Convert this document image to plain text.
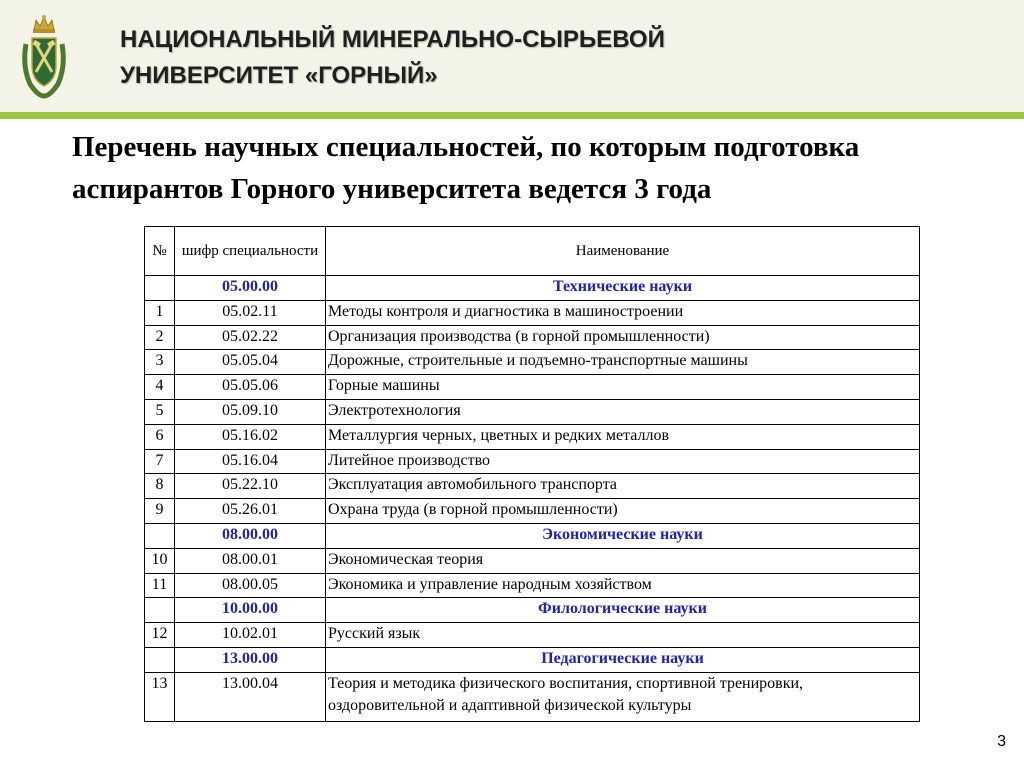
НАЦИОНАЛЬНЫЙ МИНЕРАЛЬНО-СЫРЬЕВОЙ
УНИВЕРСИТЕТ «ГОРНЫЙ»
Перечень научных специальностей, по которым подготовка аспирантов Горного университета ведется 3 года
№	шифр специальности	Наименование
	05.00.00	Технические науки
1	05.02.11	Методы контроля и диагностика в машиностроении
2	05.02.22	Организация производства (в горной промышленности)
3	05.05.04	Дорожные, строительные и подъемно-транспортные машины
4	05.05.06	Горные машины
5	05.09.10	Электротехнология
6	05.16.02	Металлургия черных, цветных и редких металлов
7	05.16.04	Литейное производство
8	05.22.10	Эксплуатация автомобильного транспорта
9	05.26.01	Охрана труда (в горной промышленности)
	08.00.00	Экономические науки
10	08.00.01	Экономическая теория
11	08.00.05	Экономика и управление народным хозяйством
	10.00.00	Филологические науки
12	10.02.01	Русский язык
	13.00.00	Педагогические науки
13	13.00.04	Теория и методика физического воспитания, спортивной тренировки, оздоровительной и адаптивной физической культуры
3
